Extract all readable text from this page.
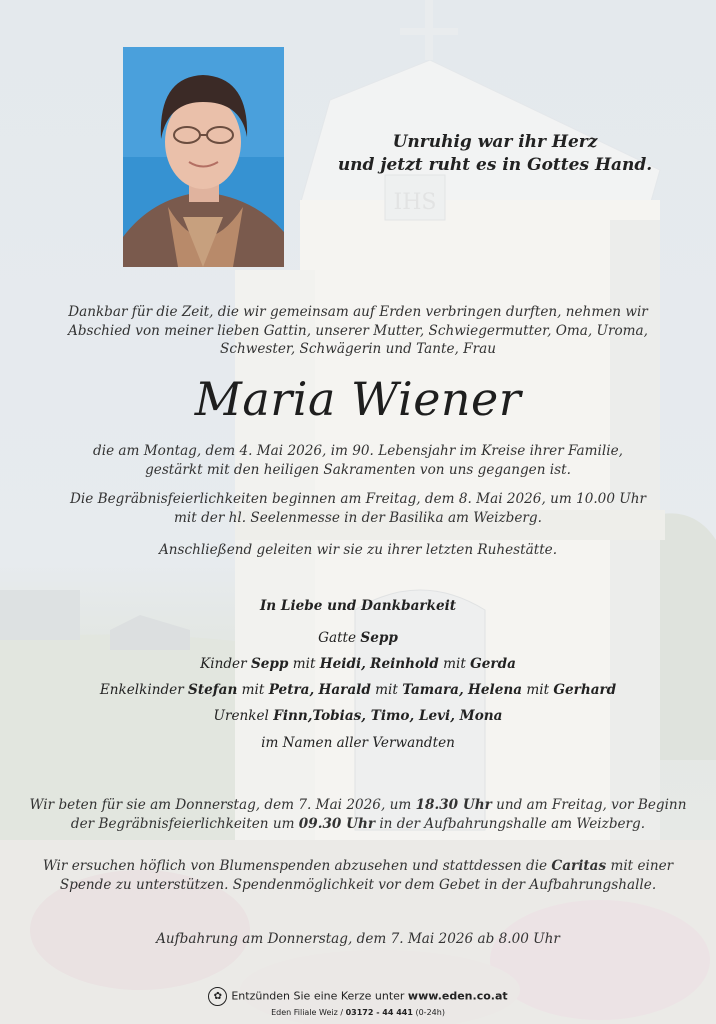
IHS
Unruhig war ihr Herz
und jetzt ruht es in Gottes Hand.
Dankbar für die Zeit, die wir gemeinsam auf Erden verbringen durften, nehmen wir
Abschied von meiner lieben Gattin, unserer Mutter, Schwiegermutter, Oma, Uroma,
Schwester, Schwägerin und Tante, Frau
Maria Wiener
die am Montag, dem 4. Mai 2026, im 90. Lebensjahr im Kreise ihrer Familie,
gestärkt mit den heiligen Sakramenten von uns gegangen ist.
Die Begräbnisfeierlichkeiten beginnen am Freitag, dem 8. Mai 2026, um 10.00 Uhr
mit der hl. Seelenmesse in der Basilika am Weizberg.
Anschließend geleiten wir sie zu ihrer letzten Ruhestätte.
In Liebe und Dankbarkeit
Gatte Sepp
Kinder Sepp mit Heidi, Reinhold mit Gerda
Enkelkinder Stefan mit Petra, Harald mit Tamara, Helena mit Gerhard
Urenkel Finn,Tobias, Timo, Levi, Mona
im Namen aller Verwandten
Wir beten für sie am Donnerstag, dem 7. Mai 2026, um 18.30 Uhr und am Freitag, vor Beginn
der Begräbnisfeierlichkeiten um 09.30 Uhr in der Aufbahrungshalle am Weizberg.
Wir ersuchen höflich von Blumenspenden abzusehen und stattdessen die Caritas mit einer
Spende zu unterstützen. Spendenmöglichkeit vor dem Gebet in der Aufbahrungshalle.
Aufbahrung am Donnerstag, dem 7. Mai 2026 ab 8.00 Uhr
✿ Entzünden Sie eine Kerze unter www.eden.co.at
Eden Filiale Weiz / 03172 - 44 441 (0-24h)
